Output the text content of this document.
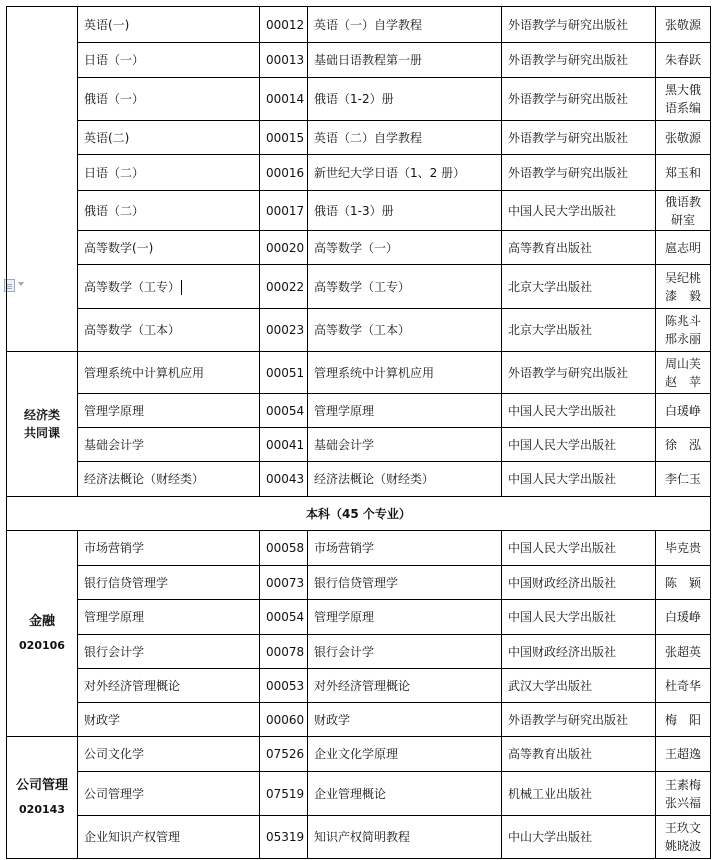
	英语(一)	00012	英语（一）自学教程	外语教学与研究出版社	张敬源

	日语（一）	00013	基础日语教程第一册	外语教学与研究出版社	朱春跃

	俄语（一）	00014	俄语（1-2）册	外语教学与研究出版社	黑大俄
语系编

	英语(二)	00015	英语（二）自学教程	外语教学与研究出版社	张敬源

	日语（二）	00016	新世纪大学日语（1、2 册）	外语教学与研究出版社	郑玉和

	俄语（二）	00017	俄语（1-3）册	中国人民大学出版社	俄语教
研室

	高等数学(一)	00020	高等数学（一）	高等教育出版社	扈志明

	高等数学（工专）	00022	高等数学（工专）	北京大学出版社	吴纪桃
漆　毅

	高等数学（工本）	00023	高等数学（工本）	北京大学出版社	陈兆斗
邢永丽

经济类
共同课	管理系统中计算机应用	00051	管理系统中计算机应用	外语教学与研究出版社	周山芙
赵　苹

	管理学原理	00054	管理学原理	中国人民大学出版社	白瑗峥

	基础会计学	00041	基础会计学	中国人民大学出版社	徐　泓

	经济法概论（财经类）	00043	经济法概论（财经类）	中国人民大学出版社	李仁玉

本科（45 个专业）					

金融
020106	市场营销学	00058	市场营销学	中国人民大学出版社	毕克贵

	银行信贷管理学	00073	银行信贷管理学	中国财政经济出版社	陈　颖

	管理学原理	00054	管理学原理	中国人民大学出版社	白瑗峥

	银行会计学	00078	银行会计学	中国财政经济出版社	张超英

	对外经济管理概论	00053	对外经济管理概论	武汉大学出版社	杜奇华

	财政学	00060	财政学	外语教学与研究出版社	梅　阳

公司管理
020143	公司文化学	07526	企业文化学原理	高等教育出版社	王超逸

	公司管理学	07519	企业管理概论	机械工业出版社	王素梅
张兴福

	企业知识产权管理	05319	知识产权简明教程	中山大学出版社	王玖文
姚晓波
